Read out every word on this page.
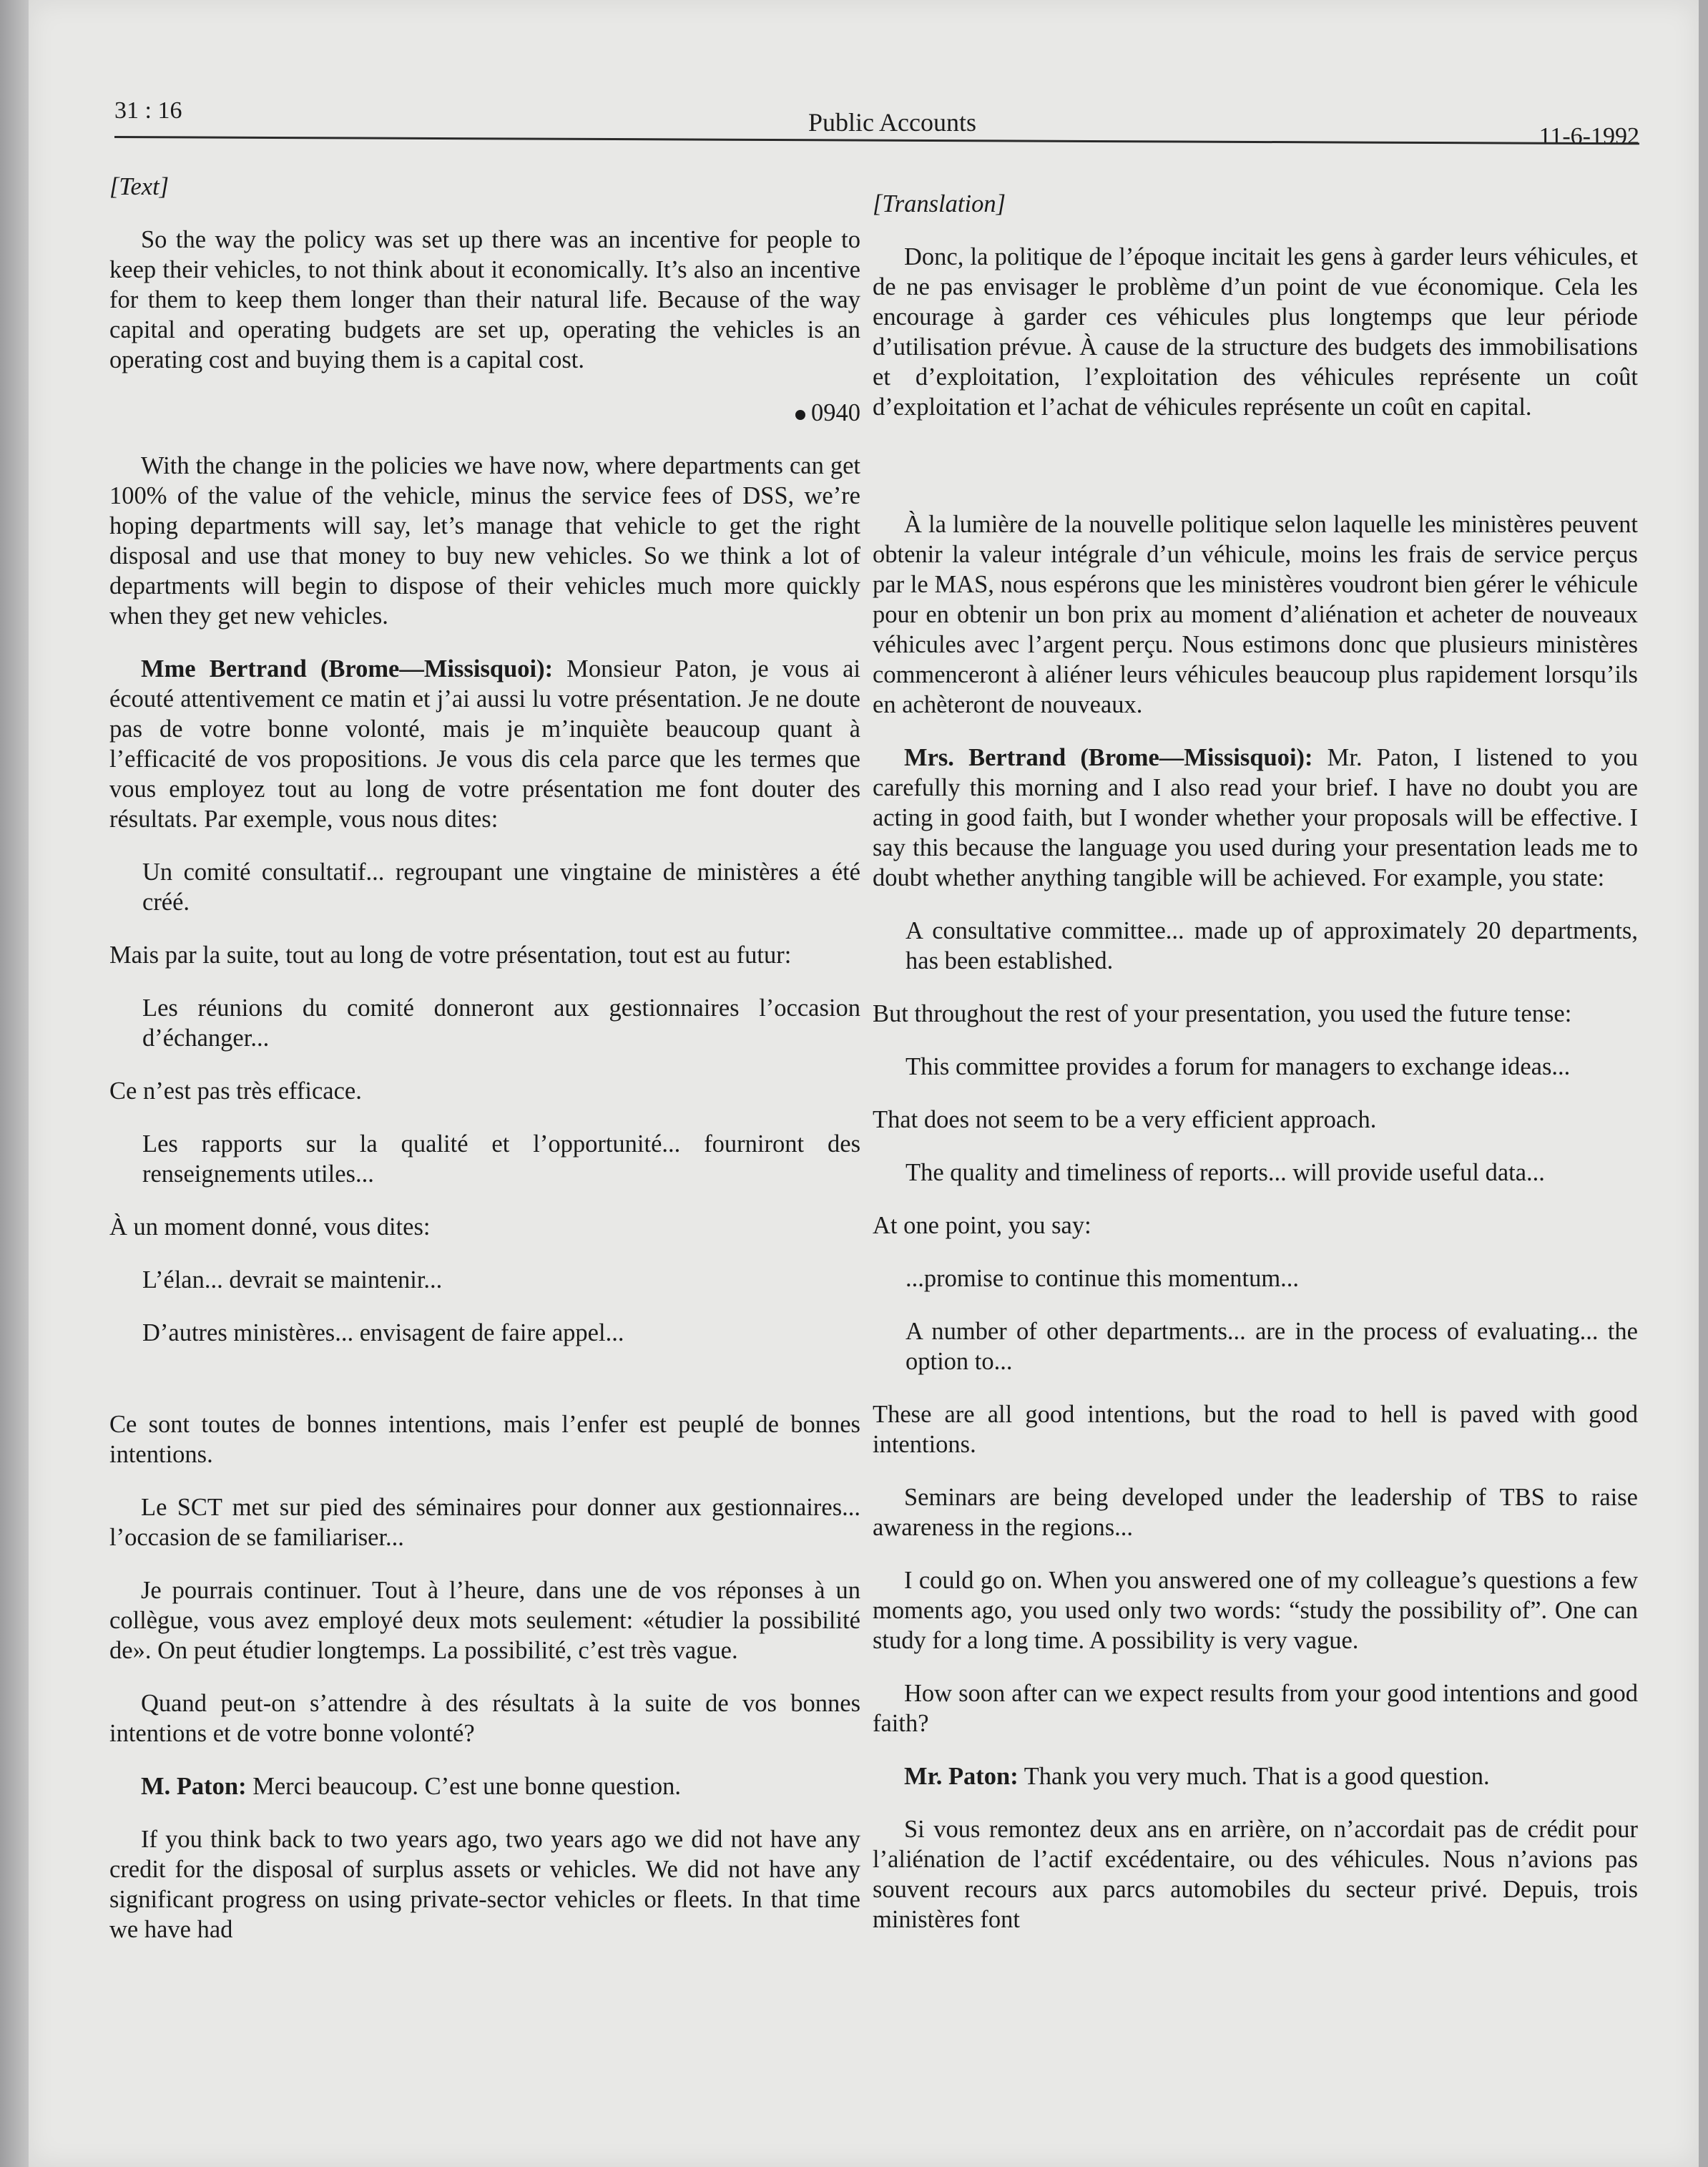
31 : 16	Public Accounts	11-6-1992

[Text]

So the way the policy was set up there was an incentive for people to keep their vehicles, to not think about it economically. It’s also an incentive for them to keep them longer than their natural life. Because of the way capital and operating budgets are set up, operating the vehicles is an operating cost and buying them is a capital cost.

0940

With the change in the policies we have now, where departments can get 100% of the value of the vehicle, minus the service fees of DSS, we’re hoping departments will say, let’s manage that vehicle to get the right disposal and use that money to buy new vehicles. So we think a lot of departments will begin to dispose of their vehicles much more quickly when they get new vehicles.

Mme Bertrand (Brome—Missisquoi): Monsieur Paton, je vous ai écouté attentivement ce matin et j’ai aussi lu votre présentation. Je ne doute pas de votre bonne volonté, mais je m’inquiète beaucoup quant à l’efficacité de vos propositions. Je vous dis cela parce que les termes que vous employez tout au long de votre présentation me font douter des résultats. Par exemple, vous nous dites:

Un comité consultatif... regroupant une vingtaine de ministères a été créé.

Mais par la suite, tout au long de votre présentation, tout est au futur:

Les réunions du comité donneront aux gestionnaires l’occasion d’échanger...

Ce n’est pas très efficace.

Les rapports sur la qualité et l’opportunité... fourniront des renseignements utiles...

À un moment donné, vous dites:

L’élan... devrait se maintenir...

D’autres ministères... envisagent de faire appel...

Ce sont toutes de bonnes intentions, mais l’enfer est peuplé de bonnes intentions.

Le SCT met sur pied des séminaires pour donner aux gestionnaires... l’occasion de se familiariser...

Je pourrais continuer. Tout à l’heure, dans une de vos réponses à un collègue, vous avez employé deux mots seulement: «étudier la possibilité de». On peut étudier longtemps. La possibilité, c’est très vague.

Quand peut-on s’attendre à des résultats à la suite de vos bonnes intentions et de votre bonne volonté?

M. Paton: Merci beaucoup. C’est une bonne question.

If you think back to two years ago, two years ago we did not have any credit for the disposal of surplus assets or vehicles. We did not have any significant progress on using private-sector vehicles or fleets. In that time we have had

[Translation]

Donc, la politique de l’époque incitait les gens à garder leurs véhicules, et de ne pas envisager le problème d’un point de vue économique. Cela les encourage à garder ces véhicules plus longtemps que leur période d’utilisation prévue. À cause de la structure des budgets des immobilisations et d’exploitation, l’exploitation des véhicules représente un coût d’exploitation et l’achat de véhicules représente un coût en capital.

À la lumière de la nouvelle politique selon laquelle les ministères peuvent obtenir la valeur intégrale d’un véhicule, moins les frais de service perçus par le MAS, nous espérons que les ministères voudront bien gérer le véhicule pour en obtenir un bon prix au moment d’aliénation et acheter de nouveaux véhicules avec l’argent perçu. Nous estimons donc que plusieurs ministères commenceront à aliéner leurs véhicules beaucoup plus rapidement lorsqu’ils en achèteront de nouveaux.

Mrs. Bertrand (Brome—Missisquoi): Mr. Paton, I listened to you carefully this morning and I also read your brief. I have no doubt you are acting in good faith, but I wonder whether your proposals will be effective. I say this because the language you used during your presentation leads me to doubt whether anything tangible will be achieved. For example, you state:

A consultative committee... made up of approximately 20 departments, has been established.

But throughout the rest of your presentation, you used the future tense:

This committee provides a forum for managers to exchange ideas...

That does not seem to be a very efficient approach.

The quality and timeliness of reports... will provide useful data...

At one point, you say:

...promise to continue this momentum...

A number of other departments... are in the process of evaluating... the option to...

These are all good intentions, but the road to hell is paved with good intentions.

Seminars are being developed under the leadership of TBS to raise awareness in the regions...

I could go on. When you answered one of my colleague’s questions a few moments ago, you used only two words: “study the possibility of”. One can study for a long time. A possibility is very vague.

How soon after can we expect results from your good intentions and good faith?

Mr. Paton: Thank you very much. That is a good question.

Si vous remontez deux ans en arrière, on n’accordait pas de crédit pour l’aliénation de l’actif excédentaire, ou des véhicules. Nous n’avions pas souvent recours aux parcs automobiles du secteur privé. Depuis, trois ministères font
